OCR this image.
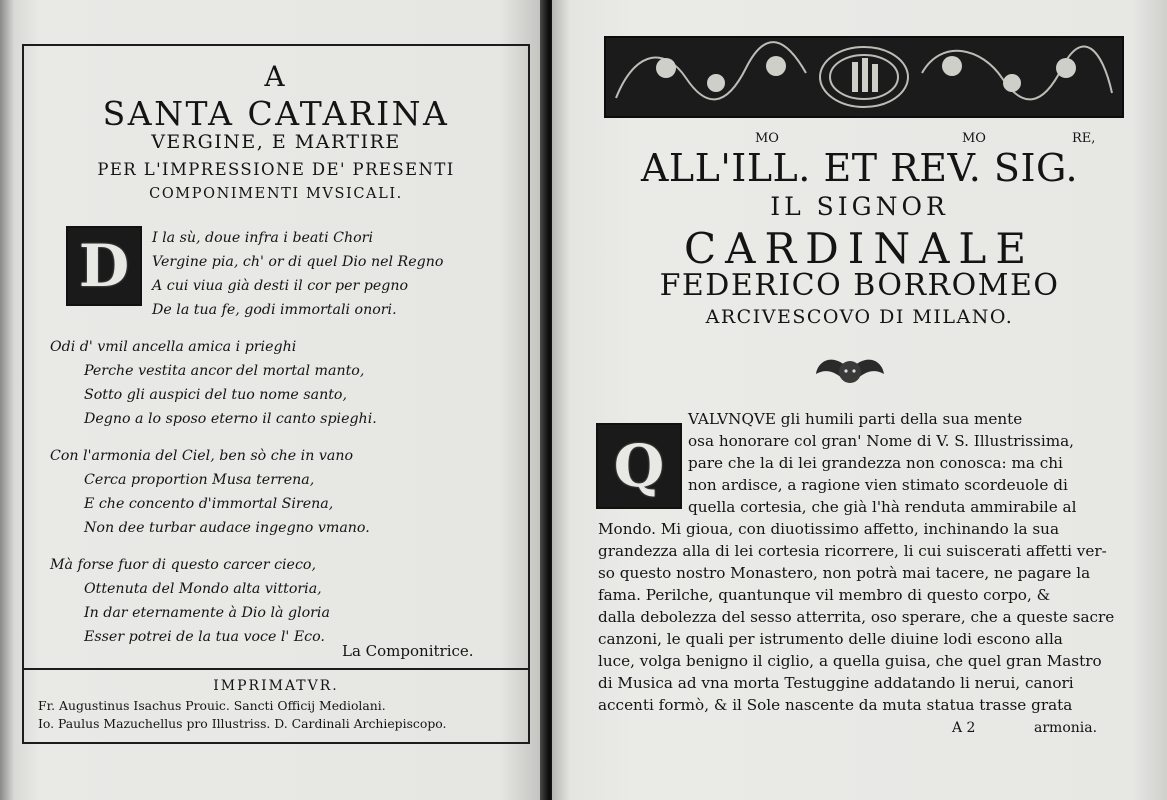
A
SANTA CATARINA
VERGINE, E MARTIRE
PER L'IMPRESSIONE DE' PRESENTI
COMPONIMENTI MVSICALI.
D I la sù, doue infra i beati Chori
Vergine pia, ch' or di quel Dio nel Regno
A cui viua già desti il cor per pegno
De la tua fe, godi immortali onori.
Odi d' vmil ancella amica i prieghi
Perche vestita ancor del mortal manto,
Sotto gli auspici del tuo nome santo,
Degno a lo sposo eterno il canto spieghi.
Con l'armonia del Ciel, ben sò che in vano
Cerca proportion Musa terrena,
E che concento d'immortal Sirena,
Non dee turbar audace ingegno vmano.
Mà forse fuor di questo carcer cieco,
Ottenuta del Mondo alta vittoria,
In dar eternamente à Dio là gloria
Esser potrei de la tua voce l' Eco.
La Componitrice.
IMPRIMATVR.
Fr. Augustinus Isachus Prouic. Sancti Officij Mediolani.
Io. Paulus Mazuchellus pro Illustriss. D. Cardinali Archiepiscopo.
MO	MO	RE,
ALL'ILL. ET REV. SIG.
IL SIGNOR
CARDINALE
FEDERICO BORROMEO
ARCIVESCOVO DI MILANO.
Q
VALVNQVE gli humili parti della sua mente
osa honorare col gran' Nome di V. S. Illustrissima,
pare che la di lei grandezza non conosca: ma chi
non ardisce, a ragione vien stimato scordeuole di
quella cortesia, che già l'hà renduta ammirabile al
Mondo. Mi gioua, con diuotissimo affetto, inchinando la sua
grandezza alla di lei cortesia ricorrere, li cui suiscerati affetti ver-
so questo nostro Monastero, non potrà mai tacere, ne pagare la
fama. Perilche, quantunque vil membro di questo corpo, &
dalla debolezza del sesso atterrita, oso sperare, che a queste sacre
canzoni, le quali per istrumento delle diuine lodi escono alla
luce, volga benigno il ciglio, a quella guisa, che quel gran Mastro
di Musica ad vna morta Testuggine addatando li nerui, canori
accenti formò, & il Sole nascente da muta statua trasse grata
A 2	armonia.
